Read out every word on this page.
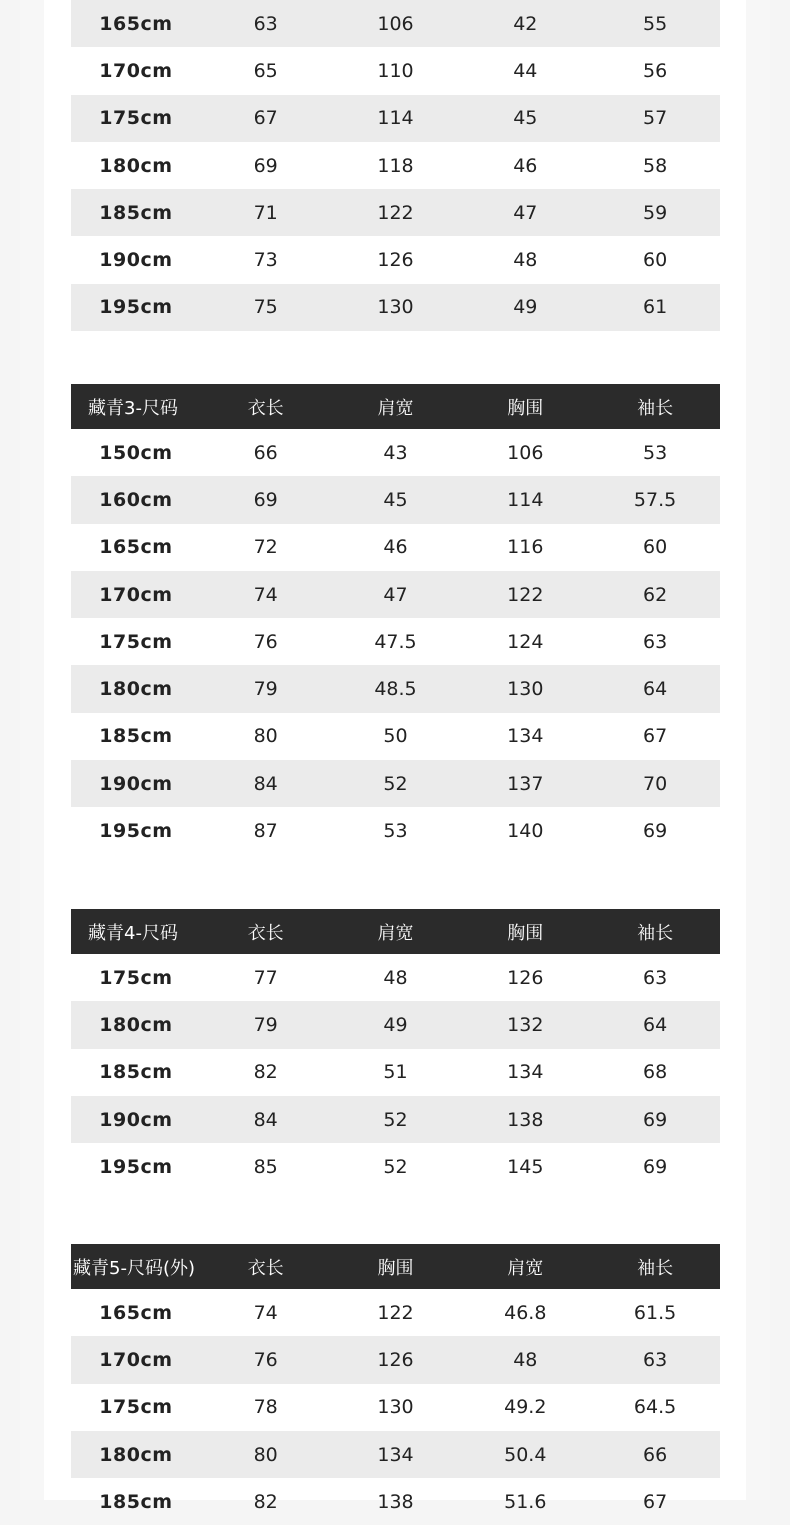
165cm	63	106	42	55
170cm	65	110	44	56
175cm	67	114	45	57
180cm	69	118	46	58
185cm	71	122	47	59
190cm	73	126	48	60
195cm	75	130	49	61
藏青3-尺码	衣长	肩宽	胸围	袖长
150cm	66	43	106	53
160cm	69	45	114	57.5
165cm	72	46	116	60
170cm	74	47	122	62
175cm	76	47.5	124	63
180cm	79	48.5	130	64
185cm	80	50	134	67
190cm	84	52	137	70
195cm	87	53	140	69
藏青4-尺码	衣长	肩宽	胸围	袖长
175cm	77	48	126	63
180cm	79	49	132	64
185cm	82	51	134	68
190cm	84	52	138	69
195cm	85	52	145	69
藏青5-尺码(外)	衣长	胸围	肩宽	袖长
165cm	74	122	46.8	61.5
170cm	76	126	48	63
175cm	78	130	49.2	64.5
180cm	80	134	50.4	66
185cm	82	138	51.6	67
